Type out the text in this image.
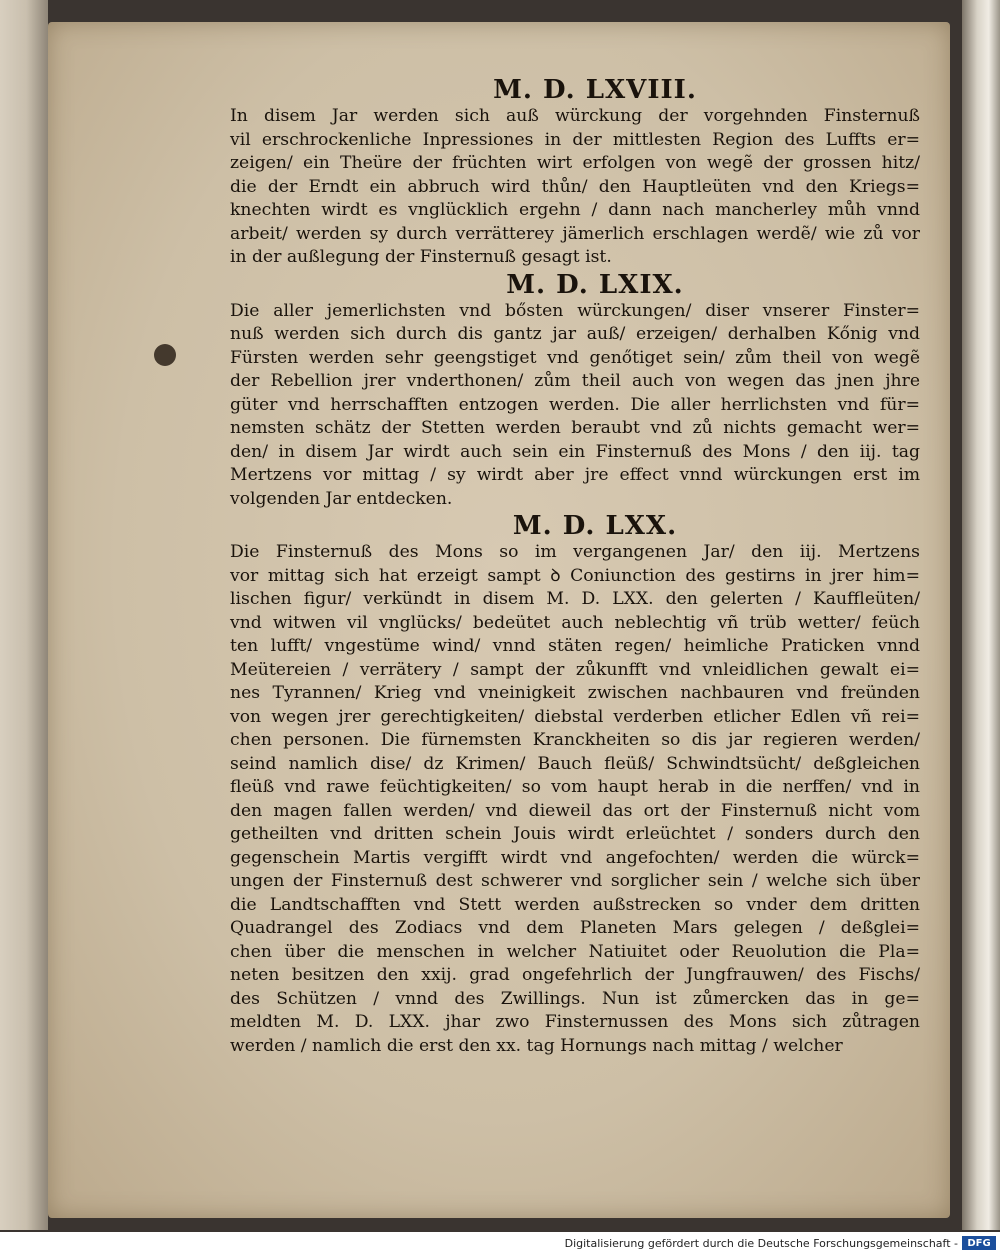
M. D. LXVIII.
In disem Jar werden sich auß würckung der vorgehnden Finsternuß
vil erschrockenliche Inpressiones in der mittlesten Region des Luffts er=
zeigen/ ein Theüre der früchten wirt erfolgen von wegẽ der grossen hitz/
die der Erndt ein abbruch wird thůn/ den Hauptleüten vnd den Kriegs=
knechten wirdt es vnglücklich ergehn / dann nach mancherley můh vnnd
arbeit/ werden sy durch verrätterey jämerlich erschlagen werdẽ/ wie zů vor
in der außlegung der Finsternuß gesagt ist.
M. D. LXIX.
Die aller jemerlichsten vnd bősten würckungen/ diser vnserer Finster=
nuß werden sich durch dis gantz jar auß/ erzeigen/ derhalben Kőnig vnd
Fürsten werden sehr geengstiget vnd genőtiget sein/ zům theil von wegẽ
der Rebellion jrer vnderthonen/ zům theil auch von wegen das jnen jhre
güter vnd herrschafften entzogen werden. Die aller herrlichsten vnd für=
nemsten schätz der Stetten werden beraubt vnd zů nichts gemacht wer=
den/ in disem Jar wirdt auch sein ein Finsternuß des Mons / den iij. tag
Mertzens vor mittag / sy wirdt aber jre effect vnnd würckungen erst im
volgenden Jar entdecken.
M. D. LXX.
Die Finsternuß des Mons so im vergangenen Jar/ den iij. Mertzens
vor mittag sich hat erzeigt sampt ꝺ Coniunction des gestirns in jrer him=
lischen figur/ verkündt in disem M. D. LXX. den gelerten / Kauffleüten/
vnd witwen vil vnglücks/ bedeütet auch neblechtig vñ trüb wetter/ feüch
ten lufft/ vngestüme wind/ vnnd stäten regen/ heimliche Praticken vnnd
Meütereien / verrätery / sampt der zůkunfft vnd vnleidlichen gewalt ei=
nes Tyrannen/ Krieg vnd vneinigkeit zwischen nachbauren vnd freünden
von wegen jrer gerechtigkeiten/ diebstal verderben etlicher Edlen vñ rei=
chen personen. Die fürnemsten Kranckheiten so dis jar regieren werden/
seind namlich dise/ dz Krimen/ Bauch fleüß/ Schwindtsücht/ deßgleichen
fleüß vnd rawe feüchtigkeiten/ so vom haupt herab in die nerffen/ vnd in
den magen fallen werden/ vnd dieweil das ort der Finsternuß nicht vom
getheilten vnd dritten schein Jouis wirdt erleüchtet / sonders durch den
gegenschein Martis vergifft wirdt vnd angefochten/ werden die würck=
ungen der Finsternuß dest schwerer vnd sorglicher sein / welche sich über
die Landtschafften vnd Stett werden außstrecken so vnder dem dritten
Quadrangel des Zodiacs vnd dem Planeten Mars gelegen / deßglei=
chen über die menschen in welcher Natiuitet oder Reuolution die Pla=
neten besitzen den xxij. grad ongefehrlich der Jungfrauwen/ des Fischs/
des Schützen / vnnd des Zwillings. Nun ist zůmercken das in ge=
meldten M. D. LXX. jhar zwo Finsternussen des Mons sich zůtragen
werden / namlich die erst den xx. tag Hornungs nach mittag / welcher
Digitalisierung gefördert durch die Deutsche Forschungsgemeinschaft - DFG
